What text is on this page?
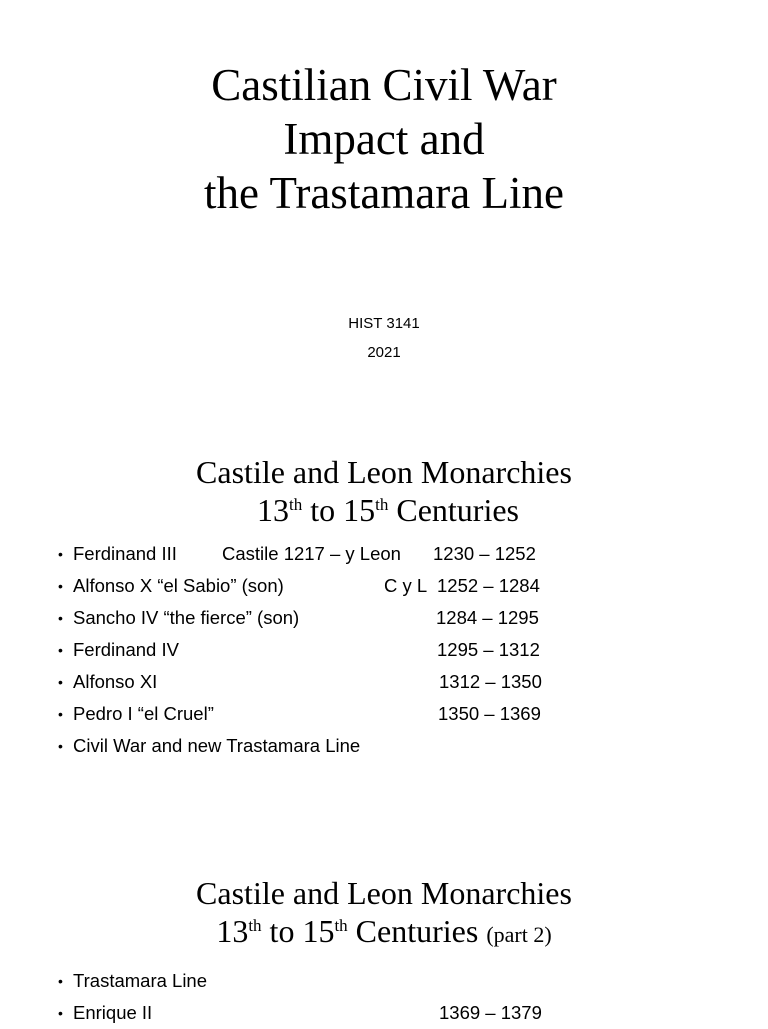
Castilian Civil War
Impact and
the Trastamara Line
HIST 3141
2021
Castile and Leon Monarchies
13th to 15th Centuries
• Ferdinand III Castile 1217 – y Leon 1230 – 1252
• Alfonso X “el Sabio” (son)	C y L 1252 – 1284
• Sancho IV “the fierce” (son)	1284 – 1295
• Ferdinand IV	1295 – 1312
• Alfonso XI	1312 – 1350
• Pedro I “el Cruel”	1350 – 1369
• Civil War and new Trastamara Line
Castile and Leon Monarchies
13th to 15th Centuries (part 2)
• Trastamara Line
• Enrique II	1369 – 1379
